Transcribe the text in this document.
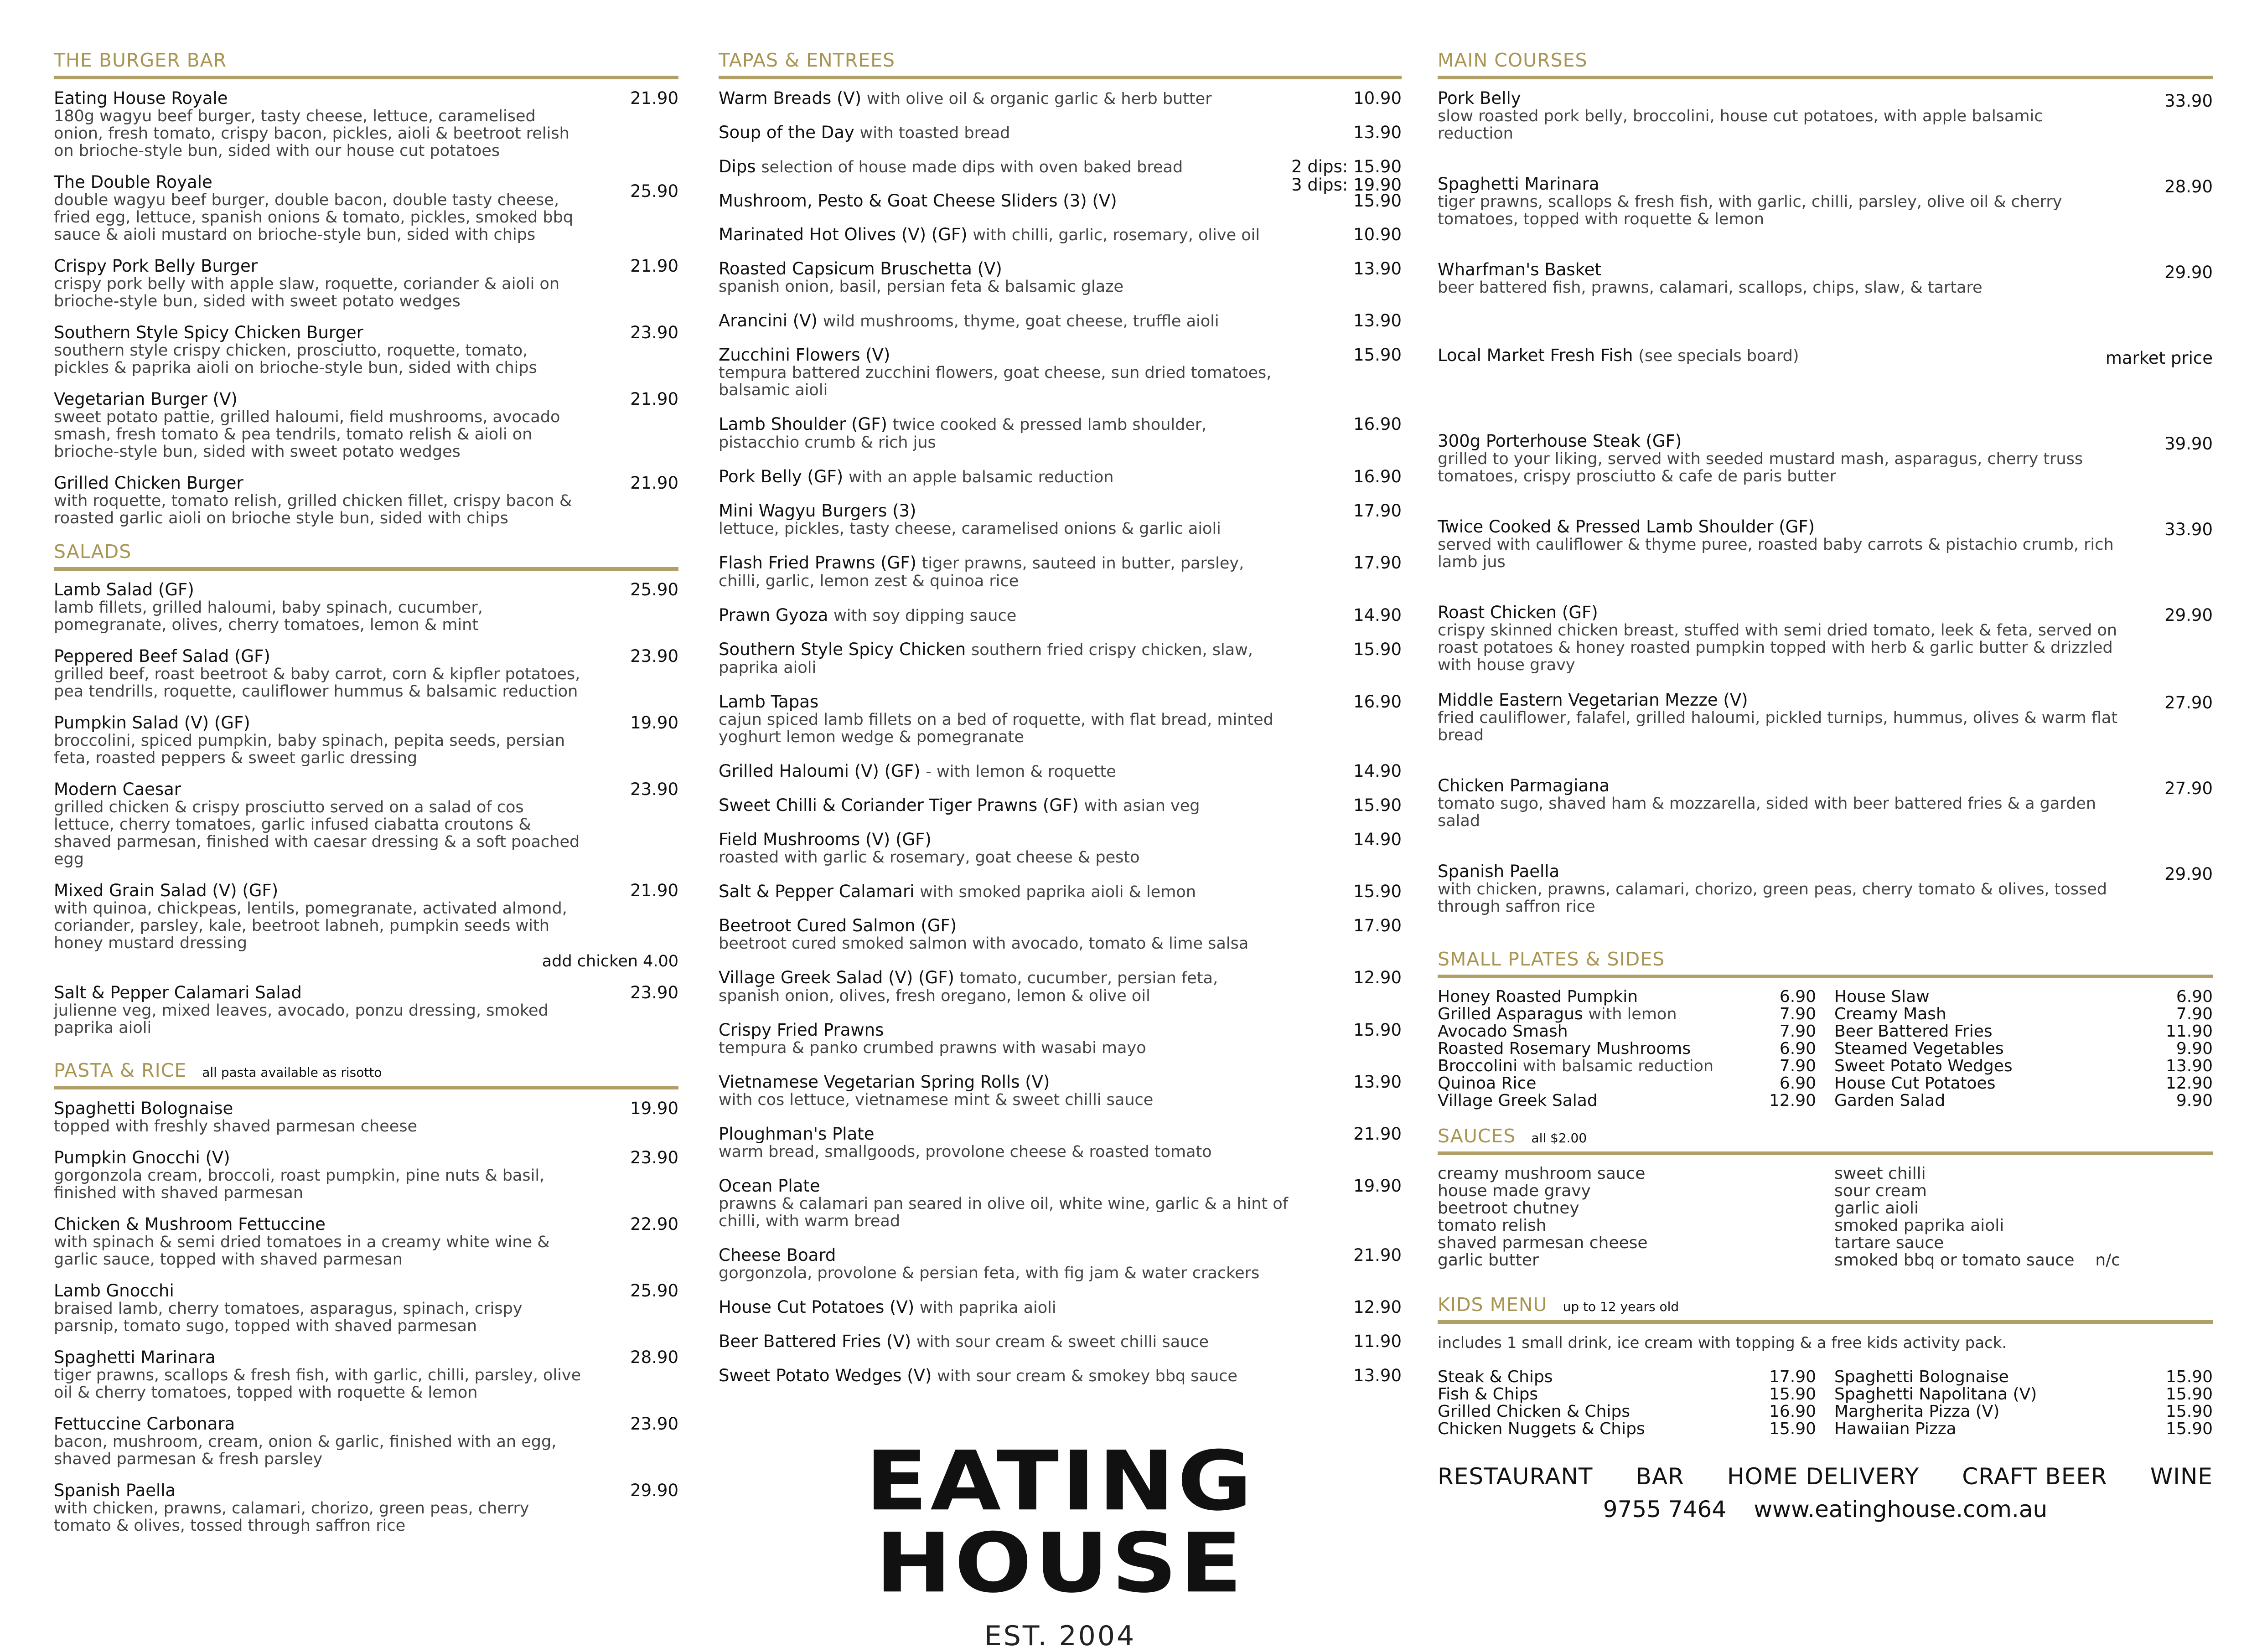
THE BURGER BAR
Eating House Royale
180g wagyu beef burger, tasty cheese, lettuce, caramelised onion, fresh tomato, crispy bacon, pickles, aioli & beetroot relish on brioche-style bun, sided with our house cut potatoes
21.90
The Double Royale
double wagyu beef burger, double bacon, double tasty cheese, fried egg, lettuce, spanish onions & tomato, pickles, smoked bbq sauce & aioli mustard on brioche-style bun, sided with chips
25.90
Crispy Pork Belly Burger
crispy pork belly with apple slaw, roquette, coriander & aioli on brioche-style bun, sided with sweet potato wedges
21.90
Southern Style Spicy Chicken Burger
southern style crispy chicken, prosciutto, roquette, tomato, pickles & paprika aioli on brioche-style bun, sided with chips
23.90
Vegetarian Burger (V)
sweet potato pattie, grilled haloumi, field mushrooms, avocado smash, fresh tomato & pea tendrils, tomato relish & aioli on brioche-style bun, sided with sweet potato wedges
21.90
Grilled Chicken Burger
with roquette, tomato relish, grilled chicken fillet, crispy bacon & roasted garlic aioli on brioche style bun, sided with chips
21.90
SALADS
Lamb Salad (GF)
lamb fillets, grilled haloumi, baby spinach, cucumber, pomegranate, olives, cherry tomatoes, lemon & mint
25.90
Peppered Beef Salad (GF)
grilled beef, roast beetroot & baby carrot, corn & kipfler potatoes, pea tendrills, roquette, cauliflower hummus & balsamic reduction
23.90
Pumpkin Salad (V) (GF)
broccolini, spiced pumpkin, baby spinach, pepita seeds, persian feta, roasted peppers & sweet garlic dressing
19.90
Modern Caesar
grilled chicken & crispy prosciutto served on a salad of cos lettuce, cherry tomatoes, garlic infused ciabatta croutons & shaved parmesan, finished with caesar dressing & a soft poached egg
23.90
Mixed Grain Salad (V) (GF)
with quinoa, chickpeas, lentils, pomegranate, activated almond, coriander, parsley, kale, beetroot labneh, pumpkin seeds with honey mustard dressing
21.90
add chicken 4.00
Salt & Pepper Calamari Salad
julienne veg, mixed leaves, avocado, ponzu dressing, smoked paprika aioli
23.90
PASTA & RICE all pasta available as risotto
Spaghetti Bolognaise
topped with freshly shaved parmesan cheese
19.90
Pumpkin Gnocchi (V)
gorgonzola cream, broccoli, roast pumpkin, pine nuts & basil, finished with shaved parmesan
23.90
Chicken & Mushroom Fettuccine
with spinach & semi dried tomatoes in a creamy white wine & garlic sauce, topped with shaved parmesan
22.90
Lamb Gnocchi
braised lamb, cherry tomatoes, asparagus, spinach, crispy parsnip, tomato sugo, topped with shaved parmesan
25.90
Spaghetti Marinara
tiger prawns, scallops & fresh fish, with garlic, chilli, parsley, olive oil & cherry tomatoes, topped with roquette & lemon
28.90
Fettuccine Carbonara
bacon, mushroom, cream, onion & garlic, finished with an egg, shaved parmesan & fresh parsley
23.90
Spanish Paella
with chicken, prawns, calamari, chorizo, green peas, cherry tomato & olives, tossed through saffron rice
29.90
TAPAS & ENTREES
Warm Breads (V) with olive oil & organic garlic & herb butter	10.90
Soup of the Day with toasted bread	13.90
Dips selection of house made dips with oven baked bread	2 dips: 15.90
3 dips: 19.90
Mushroom, Pesto & Goat Cheese Sliders (3) (V)	15.90
Marinated Hot Olives (V) (GF) with chilli, garlic, rosemary, olive oil	10.90
Roasted Capsicum Bruschetta (V)
spanish onion, basil, persian feta & balsamic glaze
13.90
Arancini (V) wild mushrooms, thyme, goat cheese, truffle aioli	13.90
Zucchini Flowers (V)
tempura battered zucchini flowers, goat cheese, sun dried tomatoes, balsamic aioli
15.90
Lamb Shoulder (GF) twice cooked & pressed lamb shoulder,
pistacchio crumb & rich jus
16.90
Pork Belly (GF) with an apple balsamic reduction	16.90
Mini Wagyu Burgers (3)
lettuce, pickles, tasty cheese, caramelised onions & garlic aioli
17.90
Flash Fried Prawns (GF) tiger prawns, sauteed in butter, parsley,
chilli, garlic, lemon zest & quinoa rice
17.90
Prawn Gyoza with soy dipping sauce	14.90
Southern Style Spicy Chicken southern fried crispy chicken, slaw,
paprika aioli
15.90
Lamb Tapas
cajun spiced lamb fillets on a bed of roquette, with flat bread, minted yoghurt lemon wedge & pomegranate
16.90
Grilled Haloumi (V) (GF) - with lemon & roquette	14.90
Sweet Chilli & Coriander Tiger Prawns (GF) with asian veg	15.90
Field Mushrooms (V) (GF)
roasted with garlic & rosemary, goat cheese & pesto
14.90
Salt & Pepper Calamari with smoked paprika aioli & lemon	15.90
Beetroot Cured Salmon (GF)
beetroot cured smoked salmon with avocado, tomato & lime salsa
17.90
Village Greek Salad (V) (GF) tomato, cucumber, persian feta,
spanish onion, olives, fresh oregano, lemon & olive oil
12.90
Crispy Fried Prawns
tempura & panko crumbed prawns with wasabi mayo
15.90
Vietnamese Vegetarian Spring Rolls (V)
with cos lettuce, vietnamese mint & sweet chilli sauce
13.90
Ploughman's Plate
warm bread, smallgoods, provolone cheese & roasted tomato
21.90
Ocean Plate
prawns & calamari pan seared in olive oil, white wine, garlic & a hint of chilli, with warm bread
19.90
Cheese Board
gorgonzola, provolone & persian feta, with fig jam & water crackers
21.90
House Cut Potatoes (V) with paprika aioli	12.90
Beer Battered Fries (V) with sour cream & sweet chilli sauce	11.90
Sweet Potato Wedges (V) with sour cream & smokey bbq sauce	13.90
EATING HOUSE
EST. 2004
MAIN COURSES
Pork Belly
slow roasted pork belly, broccolini, house cut potatoes, with apple balsamic reduction
33.90
Spaghetti Marinara
tiger prawns, scallops & fresh fish, with garlic, chilli, parsley, olive oil & cherry tomatoes, topped with roquette & lemon
28.90
Wharfman's Basket
beer battered fish, prawns, calamari, scallops, chips, slaw, & tartare
29.90
Local Market Fresh Fish (see specials board)	market price
300g Porterhouse Steak (GF)
grilled to your liking, served with seeded mustard mash, asparagus, cherry truss tomatoes, crispy prosciutto & cafe de paris butter
39.90
Twice Cooked & Pressed Lamb Shoulder (GF)
served with cauliflower & thyme puree, roasted baby carrots & pistachio crumb, rich lamb jus
33.90
Roast Chicken (GF)
crispy skinned chicken breast, stuffed with semi dried tomato, leek & feta, served on roast potatoes & honey roasted pumpkin topped with herb & garlic butter & drizzled with house gravy
29.90
Middle Eastern Vegetarian Mezze (V)
fried cauliflower, falafel, grilled haloumi, pickled turnips, hummus, olives & warm flat bread
27.90
Chicken Parmagiana
tomato sugo, shaved ham & mozzarella, sided with beer battered fries & a garden salad
27.90
Spanish Paella
with chicken, prawns, calamari, chorizo, green peas, cherry tomato & olives, tossed through saffron rice
29.90
SMALL PLATES & SIDES
Honey Roasted Pumpkin	6.90
Grilled Asparagus with lemon	7.90
Avocado Smash	7.90
Roasted Rosemary Mushrooms	6.90
Broccolini with balsamic reduction	7.90
Quinoa Rice	6.90
Village Greek Salad	12.90
House Slaw	6.90
Creamy Mash	7.90
Beer Battered Fries	11.90
Steamed Vegetables	9.90
Sweet Potato Wedges	13.90
House Cut Potatoes	12.90
Garden Salad	9.90
SAUCES all $2.00
creamy mushroom sauce
house made gravy
beetroot chutney
tomato relish
shaved parmesan cheese
garlic butter
sweet chilli
sour cream
garlic aioli
smoked paprika aioli
tartare sauce
smoked bbq or tomato sauce    n/c
KIDS MENU up to 12 years old
includes 1 small drink, ice cream with topping & a free kids activity pack.
Steak & Chips	17.90
Fish & Chips	15.90
Grilled Chicken & Chips	16.90
Chicken Nuggets & Chips	15.90
Spaghetti Bolognaise	15.90
Spaghetti Napolitana (V)	15.90
Margherita Pizza (V)	15.90
Hawaiian Pizza	15.90
RESTAURANT BAR HOME DELIVERY CRAFT BEER WINE
9755 7464 www.eatinghouse.com.au
